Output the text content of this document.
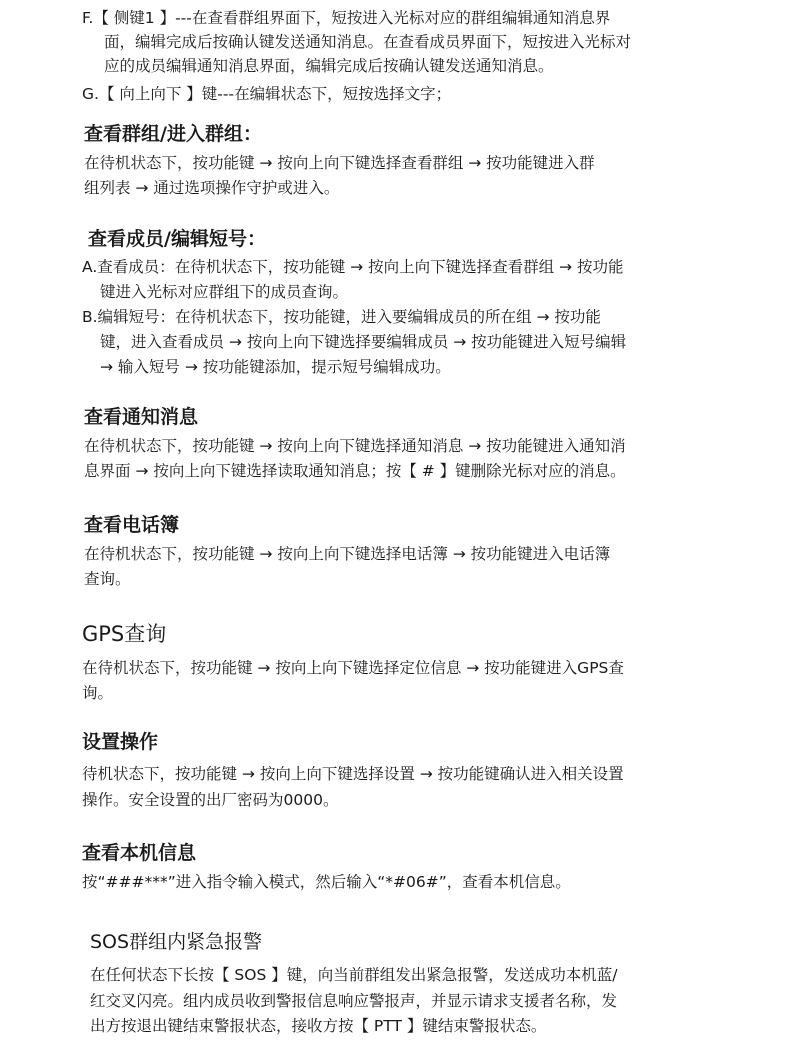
F.【 侧键1 】---在查看群组界面下，短按进入光标对应的群组编辑通知消息界

面，编辑完成后按确认键发送通知消息。在查看成员界面下，短按进入光标对

应的成员编辑通知消息界面，编辑完成后按确认键发送通知消息。

G.【 向上向下 】键---在编辑状态下，短按选择文字；

查看群组/进入群组：

在待机状态下，按功能键 → 按向上向下键选择查看群组 → 按功能键进入群

组列表 → 通过选项操作守护或进入。

查看成员/编辑短号：

A.查看成员：在待机状态下，按功能键 → 按向上向下键选择查看群组 → 按功能

键进入光标对应群组下的成员查询。

B.编辑短号：在待机状态下，按功能键，进入要编辑成员的所在组 → 按功能

键，进入查看成员 → 按向上向下键选择要编辑成员 → 按功能键进入短号编辑

→ 输入短号 → 按功能键添加，提示短号编辑成功。

查看通知消息

在待机状态下，按功能键 → 按向上向下键选择通知消息 → 按功能键进入通知消

息界面 → 按向上向下键选择读取通知消息；按【 # 】键删除光标对应的消息。

查看电话簿

在待机状态下，按功能键 → 按向上向下键选择电话簿 → 按功能键进入电话簿

查询。

GPS查询

在待机状态下，按功能键 → 按向上向下键选择定位信息 → 按功能键进入GPS查

询。

设置操作

待机状态下，按功能键 → 按向上向下键选择设置 → 按功能键确认进入相关设置

操作。安全设置的出厂密码为0000。

查看本机信息

按“###***”进入指令输入模式，然后输入“*#06#”，查看本机信息。

SOS群组内紧急报警

在任何状态下长按【 SOS 】键，向当前群组发出紧急报警，发送成功本机蓝/

红交叉闪亮。组内成员收到警报信息响应警报声，并显示请求支援者名称，发

出方按退出键结束警报状态，接收方按【 PTT 】键结束警报状态。
